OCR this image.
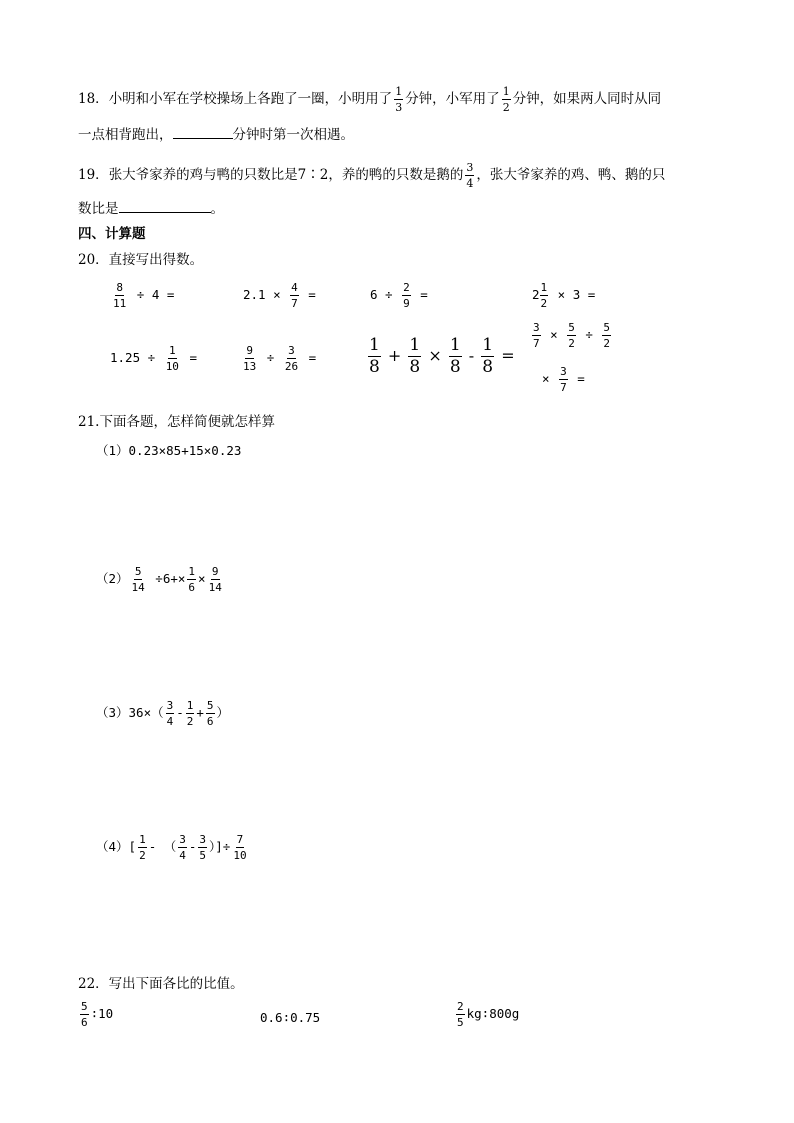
18．小明和小军在学校操场上各跑了一圈，小明用了 $\frac{1}{3}$ 分钟，小军用了 $\frac{1}{2}$ 分钟，如果两人同时从同
一点相背跑出，	分钟时第一次相遇。
19．张大爷家养的鸡与鸭的只数比是7∶2，养的鸭的只数是鹅的 $\frac{3}{4}$ ，张大爷家养的鸡、鸭、鹅的只
数比是	。
四、计算题
20．直接写出得数。
$\frac{8}{11} \div 4$ =	$2.1 \times \frac{4}{7}$ =	$6 \div \frac{2}{9}$ =	$2 \frac{1}{2} \times 3$ =
$1.25 \div \frac{1}{10}$ =	$\frac{9}{13} \div \frac{3}{26}$ =	$\frac{1}{8} + \frac{1}{8} \times \frac{1}{8} - \frac{1}{8}$ =
$\frac{3}{7} \times \frac{5}{2} \div \frac{5}{2}$
× $\frac{3}{7}$ =
21.下面各题，怎样简便就怎样算
（1）0.23×85+15×0.23
$(2) \frac{5}{14} \div 6+\times \frac{1}{6} \times \frac{9}{14}$
$(3)36\times( \frac{3}{4} - \frac{1}{2} + \frac{5}{6}$ ）
$(4)[ \frac{1}{2}$ - （ $\frac{3}{4} - \frac{3}{5}$ ）]÷ $\frac{7}{10}$
22．写出下面各比的比值。
$\frac{5}{6}$ ∶10	0.6∶0.75	$\frac{2}{5}$ kg∶800g
